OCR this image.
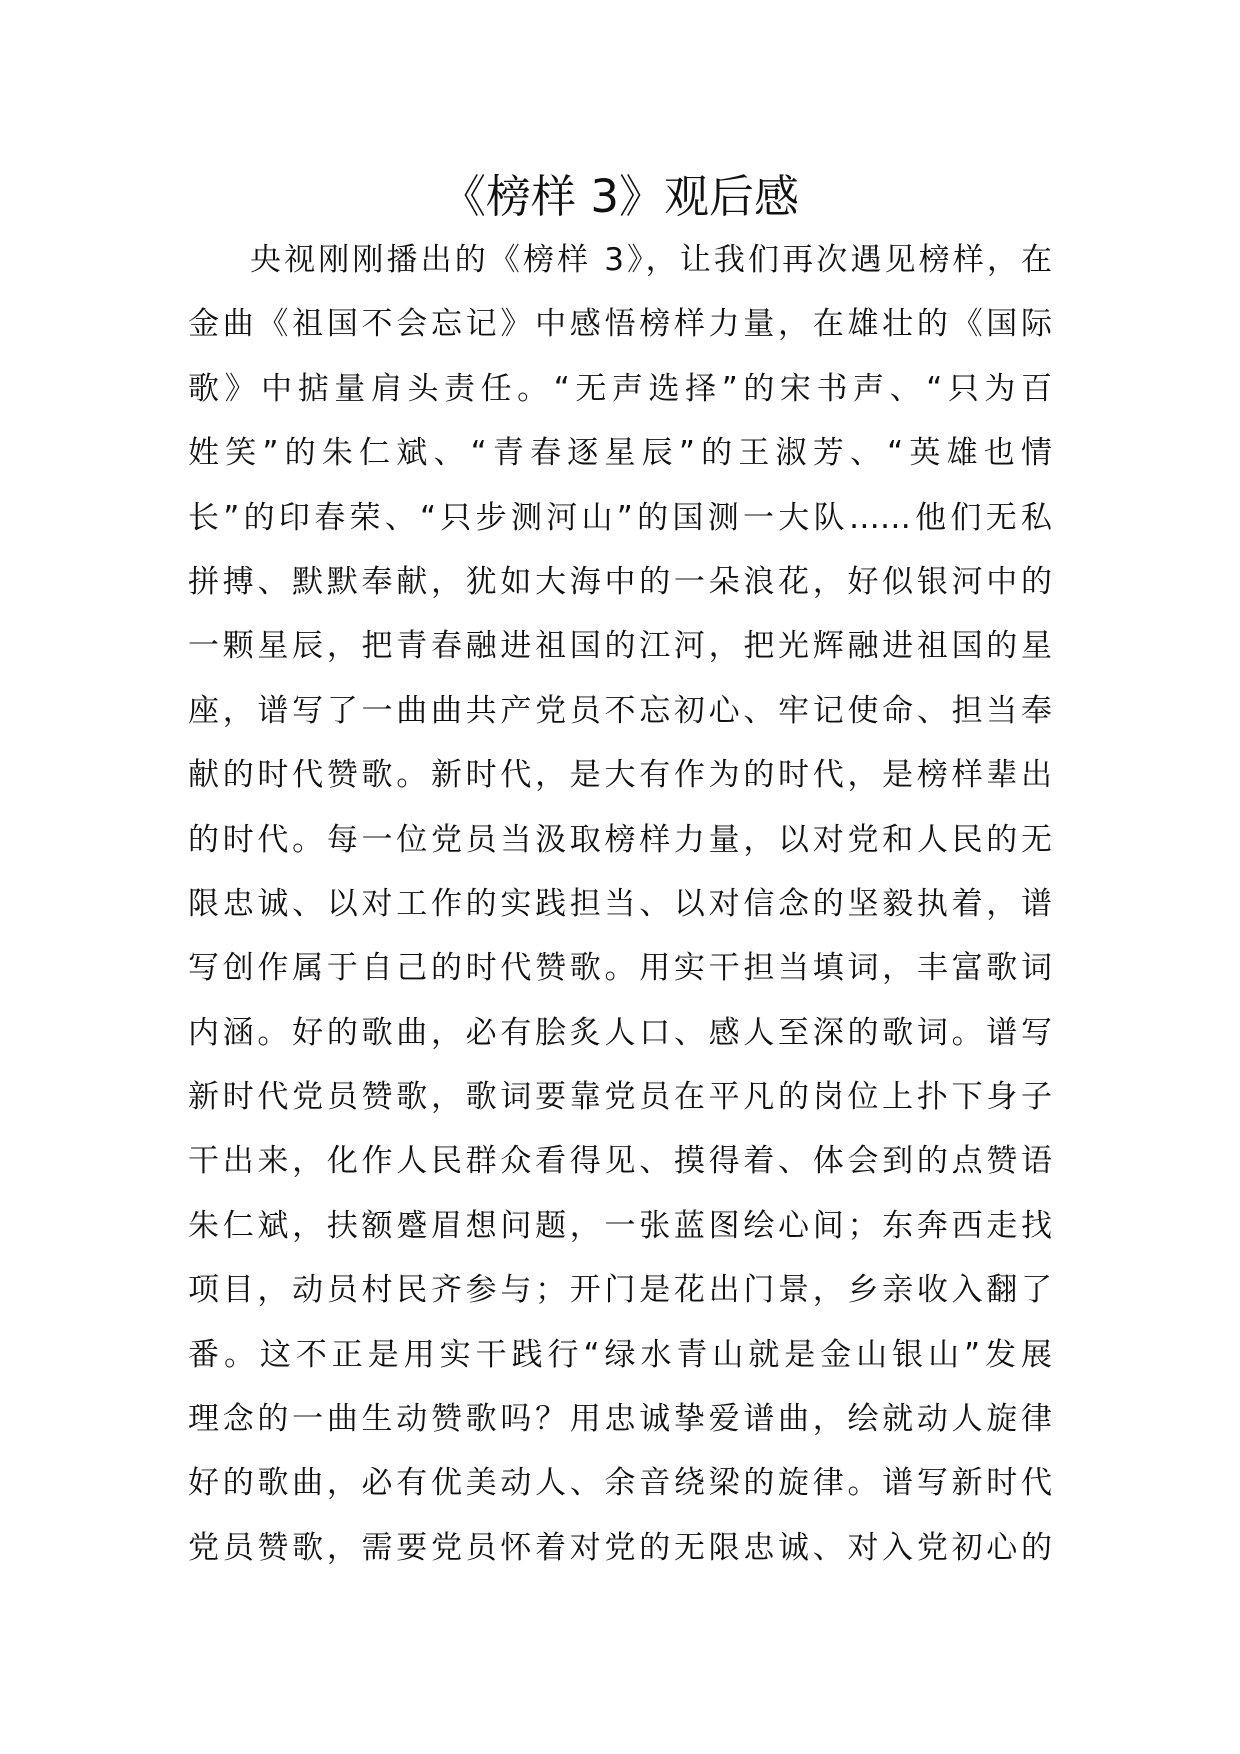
《榜样 3》观后感
央视刚刚播出的《榜样 3》，让我们再次遇见榜样，在
金曲《祖国不会忘记》中感悟榜样力量，在雄壮的《国际
歌》中掂量肩头责任。“无声选择”的宋书声、“只为百
姓笑”的朱仁斌、“青春逐星辰”的王淑芳、“英雄也情
长”的印春荣、“只步测河山”的国测一大队……他们无私
拼搏、默默奉献，犹如大海中的一朵浪花，好似银河中的
一颗星辰，把青春融进祖国的江河，把光辉融进祖国的星
座，谱写了一曲曲共产党员不忘初心、牢记使命、担当奉
献的时代赞歌。新时代，是大有作为的时代，是榜样辈出
的时代。每一位党员当汲取榜样力量，以对党和人民的无
限忠诚、以对工作的实践担当、以对信念的坚毅执着，谱
写创作属于自己的时代赞歌。用实干担当填词，丰富歌词
内涵。好的歌曲，必有脍炙人口、感人至深的歌词。谱写
新时代党员赞歌，歌词要靠党员在平凡的岗位上扑下身子
干出来，化作人民群众看得见、摸得着、体会到的点赞语
朱仁斌，扶额蹙眉想问题，一张蓝图绘心间；东奔西走找
项目，动员村民齐参与；开门是花出门景，乡亲收入翻了
番。这不正是用实干践行“绿水青山就是金山银山”发展
理念的一曲生动赞歌吗？用忠诚挚爱谱曲，绘就动人旋律
好的歌曲，必有优美动人、余音绕梁的旋律。谱写新时代
党员赞歌，需要党员怀着对党的无限忠诚、对入党初心的
